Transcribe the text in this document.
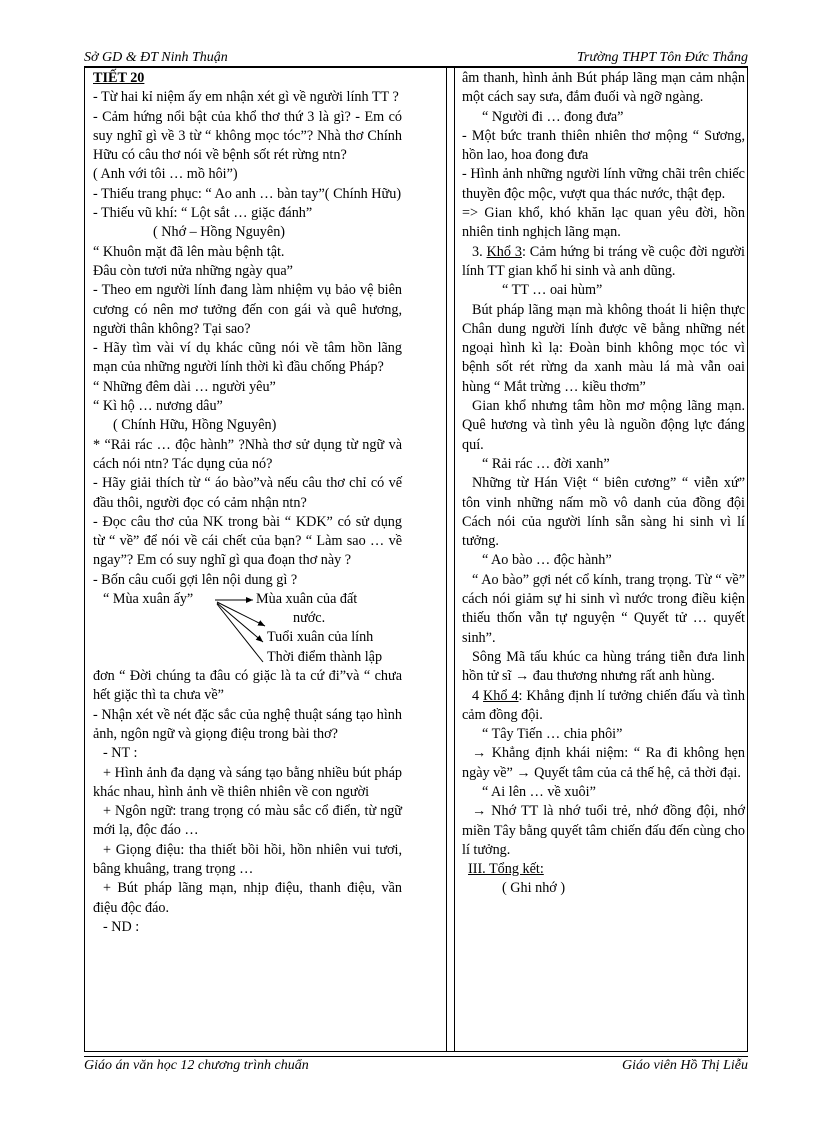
Sở GD & ĐT Ninh Thuận	Trường THPT Tôn Đức Thắng

TIẾT 20

- Từ hai kỉ niệm ấy em nhận xét gì về người lính TT ?

- Cảm hứng nổi bật của khổ thơ thứ 3 là gì? - Em có suy nghĩ gì về 3 từ “ không mọc tóc”? Nhà thơ Chính Hữu có câu thơ nói về bệnh sốt rét rừng ntn?

( Anh với tôi … mồ hôi”)

- Thiếu trang phục: “ Ao anh … bàn tay”( Chính Hữu)

- Thiếu vũ khí: “ Lột sắt … giặc đánh”

( Nhớ – Hồng Nguyên)

“ Khuôn mặt đã lên màu bệnh tật.

Đâu còn tươi nửa những ngày qua”

- Theo em người lính đang làm nhiệm vụ bảo vệ biên cương có nên mơ tưởng đến con gái và quê hương, người thân không? Tại sao?

- Hãy tìm vài ví dụ khác cũng nói về tâm hồn lãng mạn của những người lính thời kì đầu chống Pháp?

“ Những đêm dài … người yêu”

“ Kì hộ … nương dâu”

( Chính Hữu, Hồng Nguyên)

* “Rải rác … độc hành” ?Nhà thơ sử dụng từ ngữ và cách nói ntn? Tác dụng của nó?

- Hãy giải thích từ “ áo bào”và nếu câu thơ chỉ có vế đầu thôi, người đọc có cảm nhận ntn?

- Đọc câu thơ của NK trong bài “ KDK” có sử dụng từ “ về” để nói về cái chết của bạn? “ Làm sao … về ngay”? Em có suy nghĩ gì qua đoạn thơ này ?

- Bốn câu cuối gợi lên nội dung gì ?

“ Mùa xuân ấy”	Mùa xuân của đất
nước.
Tuổi xuân của lính
Thời điểm thành lập

đơn “ Đời chúng ta đâu có giặc là ta cứ đi”và “ chưa hết giặc thì ta chưa về”

- Nhận xét về nét đặc sắc của nghệ thuật sáng tạo hình ảnh, ngôn ngữ và giọng điệu trong bài thơ?

- NT :

+ Hình ảnh đa dạng và sáng tạo bằng nhiều bút pháp khác nhau, hình ảnh về thiên nhiên về con người

+ Ngôn ngữ: trang trọng có màu sắc cổ điển, từ ngữ mới lạ, độc đáo …

+ Giọng điệu: tha thiết bồi hồi, hồn nhiên vui tươi, bâng khuâng, trang trọng …

+ Bút pháp lãng mạn, nhịp điệu, thanh điệu, vần điệu độc đáo.

- ND :

âm thanh, hình ảnh Bút pháp lãng mạn cảm nhận một cách say sưa, đắm đuối và ngỡ ngàng.

“ Người đi … đong đưa”

- Một bức tranh thiên nhiên thơ mộng “ Sương, hồn lao, hoa đong đưa

- Hình ảnh những người lính vững chãi trên chiếc thuyền độc mộc, vượt qua thác nước, thật đẹp.

=> Gian khổ, khó khăn lạc quan yêu đời, hồn nhiên tinh nghịch lãng mạn.

3. Khổ 3: Cảm hứng bi tráng về cuộc đời người lính TT gian khổ hi sinh và anh dũng.

“ TT … oai hùm”

Bút pháp lãng mạn mà không thoát li hiện thực Chân dung người lính được vẽ bằng những nét ngoại hình kì lạ: Đoàn binh không mọc tóc vì bệnh sốt rét rừng da xanh màu lá mà vẫn oai hùng “ Mắt trừng … kiều thơm”

Gian khổ nhưng tâm hồn mơ mộng lãng mạn. Quê hương và tình yêu là nguồn động lực đáng quí.

“ Rải rác … đời xanh”

Những từ Hán Việt “ biên cương” “ viễn xứ” tôn vinh những nấm mồ vô danh của đồng đội Cách nói của người lính sẵn sàng hi sinh vì lí tưởng.

“ Ao bào … độc hành”

“ Ao bào” gợi nét cổ kính, trang trọng. Từ “ về” cách nói giảm sự hi sinh vì nước trong điều kiện thiếu thốn vẫn tự nguyện “ Quyết tử … quyết sinh”.

Sông Mã tấu khúc ca hùng tráng tiễn đưa linh hồn tử sĩ → đau thương nhưng rất anh hùng.

4 Khổ 4: Khẳng định lí tưởng chiến đấu và tình cảm đồng đội.

“ Tây Tiến … chia phôi”

→ Khẳng định khái niệm: “ Ra đi không hẹn ngày về” → Quyết tâm của cả thế hệ, cả thời đại.

“ Ai lên … về xuôi”

→ Nhớ TT là nhớ tuổi trẻ, nhớ đồng đội, nhớ miền Tây bằng quyết tâm chiến đấu đến cùng cho lí tưởng.

III. Tổng kết:

( Ghi nhớ )

Giáo án văn học 12 chương trình chuẩn	Giáo viên Hồ Thị Liễu
